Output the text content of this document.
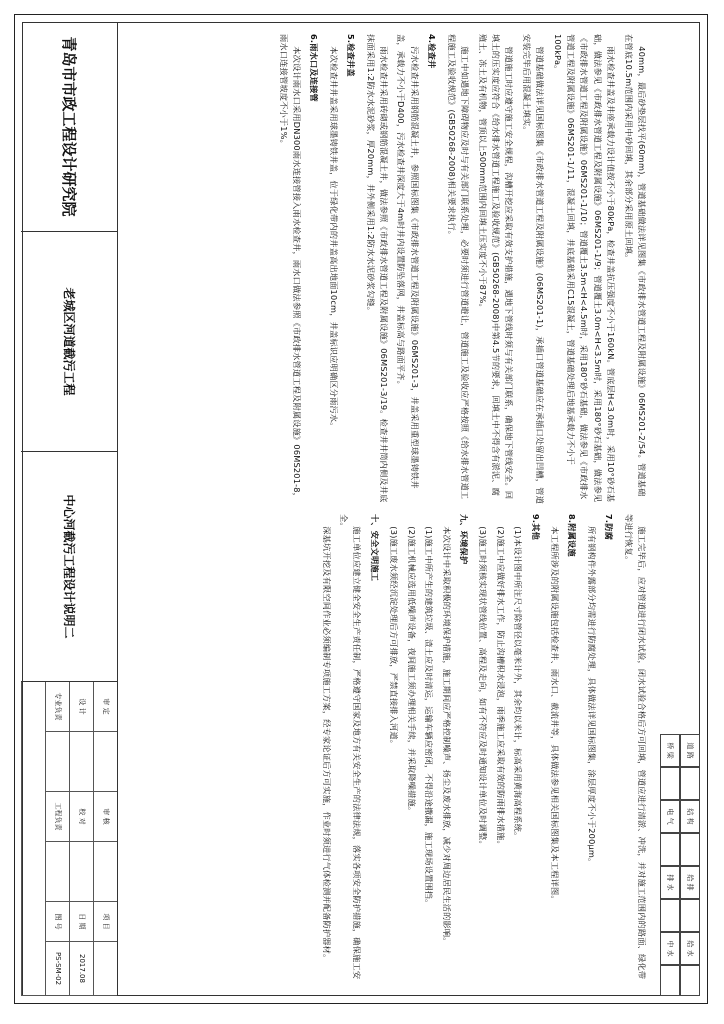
道 路
结 构
给 排
给 水
桥 梁
电 气
排 水
中 水

40mm，最后砂垫层找平(60mm)，管道基础做法详见图集《市政排水管道工程及附属设施》06MS201-2/54。管道基础在管底10.5m范围内采用中砂回填，其余部分采用原土回填。

雨水检查井盖及井座承载力设计值按不小于80kPa，检查井盖抗压强度不小于160kN。管底层H<3.0m时，采用10°砂石基础，做法参见《市政排水管道工程及附属设施》06MS201-1/9；管道覆土3.0m<H<3.5m时，采用180°砂石基础，做法参见《市政排水管道工程及附属设施》06MS201-1/10；管道覆土3.5m<H<4.5m时，采用180°砂石基础，做法参见《市政排水管道工程及附属设施》06MS201-1/11，混凝土回填，井底基础采用C15混凝土，管道基础处理后地基承载力不小于100kPa。

管道基础做法详见国标图集《市政排水管道工程及附属设施》(06MS201-1)，承插口管道基础应在承插口处留出凹槽，管道安装完毕后用混凝土填实。

管道施工时应遵守施工安全规程，沟槽开挖应采取有效支护措施，遇地下管线时须与有关部门联系，确保地下管线安全。回填土的压实度应符合《给水排水管道工程施工及验收规范》(GB50268-2008)中第4.5节的要求，回填土中不得含有淤泥、腐殖土、冻土及有机物，管顶以上500mm范围内回填土压实度不小于87%。

施工中如遇地下障碍物应及时与有关部门联系处理，必要时须进行管道避让，管道施工及验收应严格按照《给水排水管道工程施工及验收规范》(GB50268-2008)相关要求执行。

4.检查井

污水检查井采用钢筋混凝土井，参照国标图集《市政排水管道工程及附属设施》06MS201-3，井盖采用重型球墨铸铁井盖，承载力不小于D400，污水检查井深度大于4m时井内设置防坠落网，井盖标高与路面平齐。

雨水检查井采用砖砌或钢筋混凝土井，做法参照《市政排水管道工程及附属设施》06MS201-3/19。检查井井筒内侧及井底抹面采用1:2防水水泥砂浆，厚20mm，井外侧采用1:2防水水泥砂浆勾缝。

5.检查井盖

本次检查井井盖采用球墨铸铁井盖，位于绿化带内的井盖高出地面10cm，井盖标识应明确区分雨污水。

6.雨水口及连接管

本次设计雨水口采用DN300雨水连接管接入雨水检查井，雨水口做法参照《市政排水管道工程及附属设施》06MS201-8，雨水口连接管坡度不小于1%。

施工完毕后，应对管道进行闭水试验，闭水试验合格后方可回填，管道应进行清淤、冲洗，并对施工范围内的路面、绿化带等进行恢复。

7.防腐

所有钢构件外露部分均需进行防腐处理，具体做法详见国标图集，涂层厚度不小于200μm。

8.附属设施

本工程所涉及的附属设施包括检查井、雨水口、截流井等，具体做法参见相关国标图集及本工程详图。

9.其他

(1)本设计图中所注尺寸除管径以毫米计外，其余均以米计，标高采用黄海高程系统。

(2)施工中应做好排水工作，防止沟槽积水浸泡，雨季施工应采取有效的防雨排水措施。

(3)施工时须核实现状管线位置、高程及走向，如有不符应及时通知设计单位及时调整。

九、环境保护

本次设计中采取积极的环境保护措施，施工期间应严格控制噪声、扬尘及废水排放，减少对周边居民生活的影响。

(1)施工中所产生的建筑垃圾、渣土应及时清运，运输车辆应密闭，不得沿途撒漏，施工现场设置围挡。

(2)施工机械应选用低噪声设备，夜间施工须办理相关手续，并采取降噪措施。

(3)施工废水须经沉淀处理后方可排放，严禁直接排入河道。

十、安全文明施工

施工单位应建立健全安全生产责任制，严格遵守国家及地方有关安全生产的法律法规，落实各项安全防护措施，确保施工安全。

深基坑开挖及有限空间作业必须编制专项施工方案，经专家论证后方可实施，作业时须进行气体检测并配备防护器材。

青岛市市政工程设计研究院
老城区河道截污工程
中心河截污工程设计说明二
审 定
审 核
项 目
设 计
校 对
日 期
2017.08
专业负责
工程负责
图 号
PS-SM-02
